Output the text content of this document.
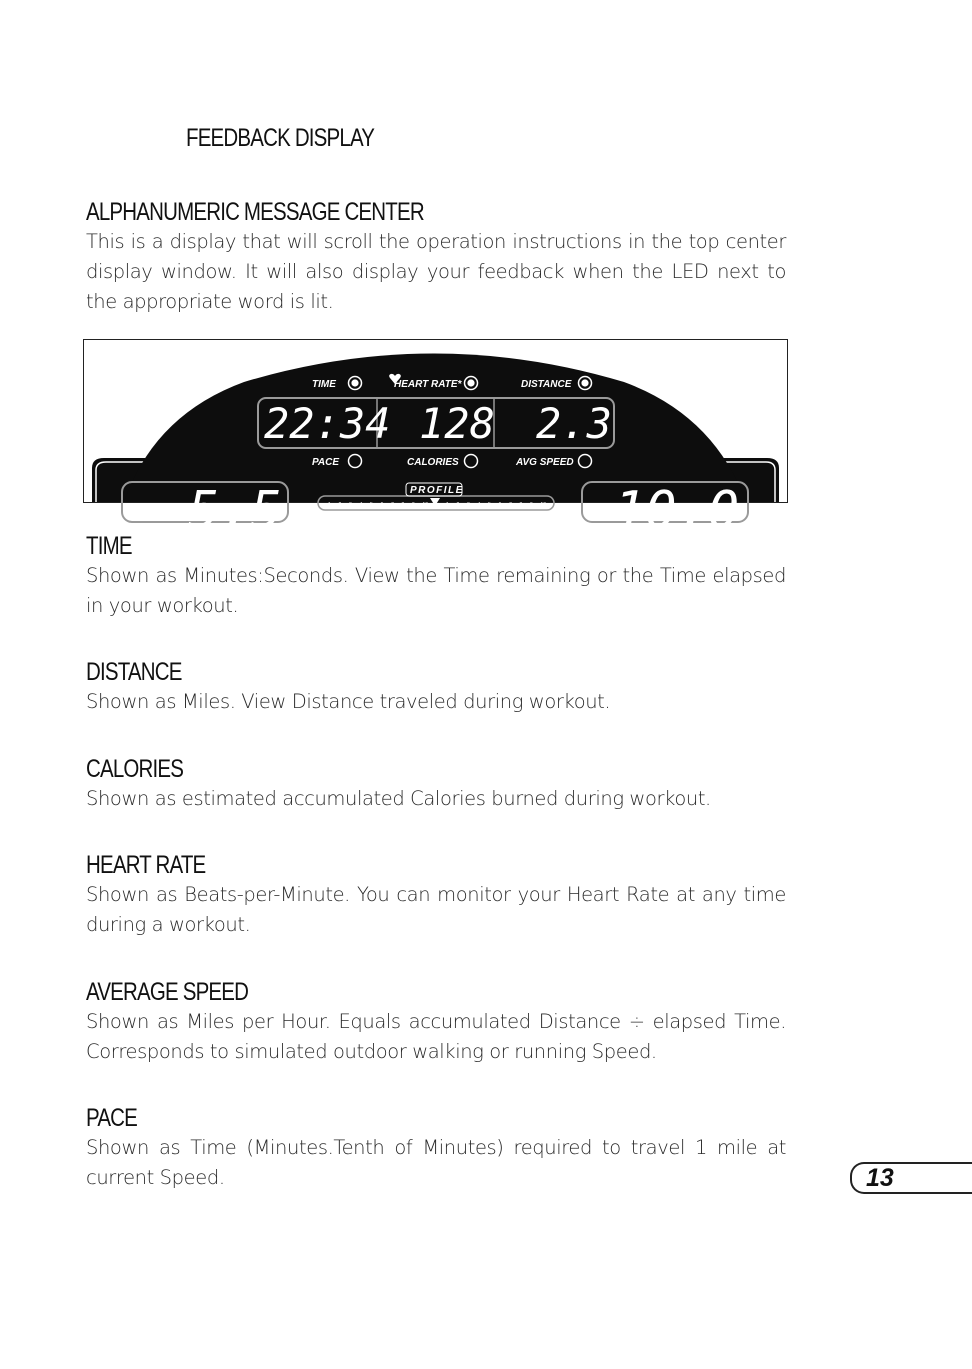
FEEDBACK DISPLAY
ALPHANUMERIC MESSAGE CENTER

This is a display that will scroll the operation instructions in the top center display window. It will also display your feedback when the LED next to the appropriate word is lit.

5.5	10.0
TIME	HEART RATE*	DISTANCE
22:34 128 2.3
PACE	CALORIES	AVG SPEED
PROFILE
1 2 3 4 5 6 7 8 9 10	1 2 3 4 5 6 7 8 9 10
TIME

Shown as Minutes:Seconds. View the Time remaining or the Time elapsed in your workout.

DISTANCE

Shown as Miles. View Distance traveled during workout.

CALORIES

Shown as estimated accumulated Calories burned during workout.

HEART RATE

Shown as Beats-per-Minute. You can monitor your Heart Rate at any time during a workout.

AVERAGE SPEED

Shown as Miles per Hour. Equals accumulated Distance ÷ elapsed Time. Corresponds to simulated outdoor walking or running Speed.

PACE

Shown as Time (Minutes.Tenth of Minutes) required to travel 1 mile at current Speed.	13
